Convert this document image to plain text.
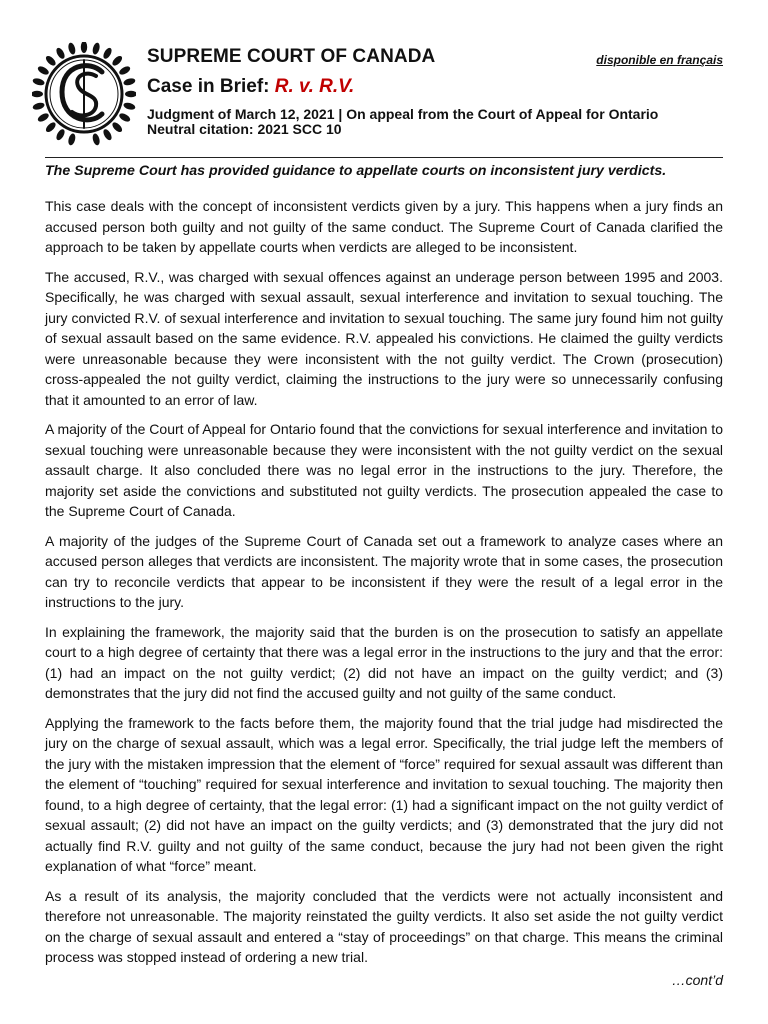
SUPREME COURT OF CANADA	disponible en français
Case in Brief: R. v. R.V.
Judgment of March 12, 2021 | On appeal from the Court of Appeal for Ontario
Neutral citation: 2021 SCC 10

The Supreme Court has provided guidance to appellate courts on inconsistent jury verdicts.

This case deals with the concept of inconsistent verdicts given by a jury. This happens when a jury finds an accused person both guilty and not guilty of the same conduct. The Supreme Court of Canada clarified the approach to be taken by appellate courts when verdicts are alleged to be inconsistent.

The accused, R.V., was charged with sexual offences against an underage person between 1995 and 2003. Specifically, he was charged with sexual assault, sexual interference and invitation to sexual touching. The jury convicted R.V. of sexual interference and invitation to sexual touching. The same jury found him not guilty of sexual assault based on the same evidence. R.V. appealed his convictions. He claimed the guilty verdicts were unreasonable because they were inconsistent with the not guilty verdict. The Crown (prosecution) cross-appealed the not guilty verdict, claiming the instructions to the jury were so unnecessarily confusing that it amounted to an error of law.

A majority of the Court of Appeal for Ontario found that the convictions for sexual interference and invitation to sexual touching were unreasonable because they were inconsistent with the not guilty verdict on the sexual assault charge. It also concluded there was no legal error in the instructions to the jury. Therefore, the majority set aside the convictions and substituted not guilty verdicts. The prosecution appealed the case to the Supreme Court of Canada.

A majority of the judges of the Supreme Court of Canada set out a framework to analyze cases where an accused person alleges that verdicts are inconsistent. The majority wrote that in some cases, the prosecution can try to reconcile verdicts that appear to be inconsistent if they were the result of a legal error in the instructions to the jury.

In explaining the framework, the majority said that the burden is on the prosecution to satisfy an appellate court to a high degree of certainty that there was a legal error in the instructions to the jury and that the error: (1) had an impact on the not guilty verdict; (2) did not have an impact on the guilty verdict; and (3) demonstrates that the jury did not find the accused guilty and not guilty of the same conduct.

Applying the framework to the facts before them, the majority found that the trial judge had misdirected the jury on the charge of sexual assault, which was a legal error. Specifically, the trial judge left the members of the jury with the mistaken impression that the element of “force” required for sexual assault was different than the element of “touching” required for sexual interference and invitation to sexual touching. The majority then found, to a high degree of certainty, that the legal error: (1) had a significant impact on the not guilty verdict of sexual assault; (2) did not have an impact on the guilty verdicts; and (3) demonstrated that the jury did not actually find R.V. guilty and not guilty of the same conduct, because the jury had not been given the right explanation of what “force” meant.

As a result of its analysis, the majority concluded that the verdicts were not actually inconsistent and therefore not unreasonable. The majority reinstated the guilty verdicts. It also set aside the not guilty verdict on the charge of sexual assault and entered a “stay of proceedings” on that charge. This means the criminal process was stopped instead of ordering a new trial.

…cont’d
